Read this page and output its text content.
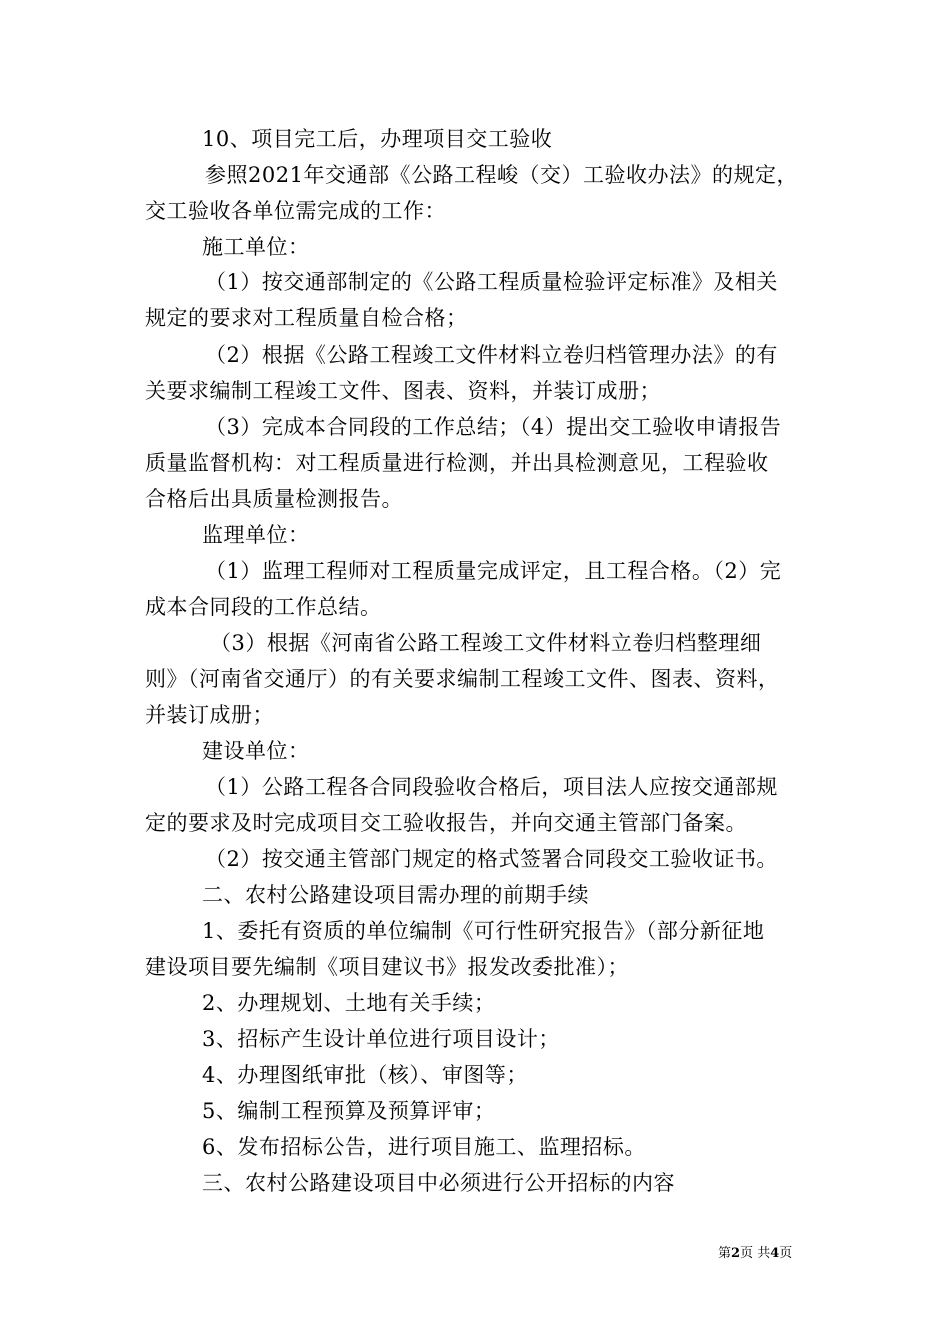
10、项目完工后，办理项目交工验收
参照2021年交通部《公路工程峻（交）工验收办法》的规定，
交工验收各单位需完成的工作：
施工单位：
（1）按交通部制定的《公路工程质量检验评定标准》及相关
规定的要求对工程质量自检合格；
（2）根据《公路工程竣工文件材料立卷归档管理办法》的有
关要求编制工程竣工文件、图表、资料，并装订成册；
（3）完成本合同段的工作总结；（4）提出交工验收申请报告
质量监督机构：对工程质量进行检测，并出具检测意见，工程验收
合格后出具质量检测报告。
监理单位：
（1）监理工程师对工程质量完成评定，且工程合格。（2）完
成本合同段的工作总结。
（3）根据《河南省公路工程竣工文件材料立卷归档整理细
则》（河南省交通厅）的有关要求编制工程竣工文件、图表、资料，
并装订成册；
建设单位：
（1）公路工程各合同段验收合格后，项目法人应按交通部规
定的要求及时完成项目交工验收报告，并向交通主管部门备案。
（2）按交通主管部门规定的格式签署合同段交工验收证书。
二、农村公路建设项目需办理的前期手续
1、委托有资质的单位编制《可行性研究报告》（部分新征地
建设项目要先编制《项目建议书》报发改委批准）；
2、办理规划、土地有关手续；
3、招标产生设计单位进行项目设计；
4、办理图纸审批（核）、审图等；
5、编制工程预算及预算评审；
6、发布招标公告，进行项目施工、监理招标。
三、农村公路建设项目中必须进行公开招标的内容
第2页 共4页
